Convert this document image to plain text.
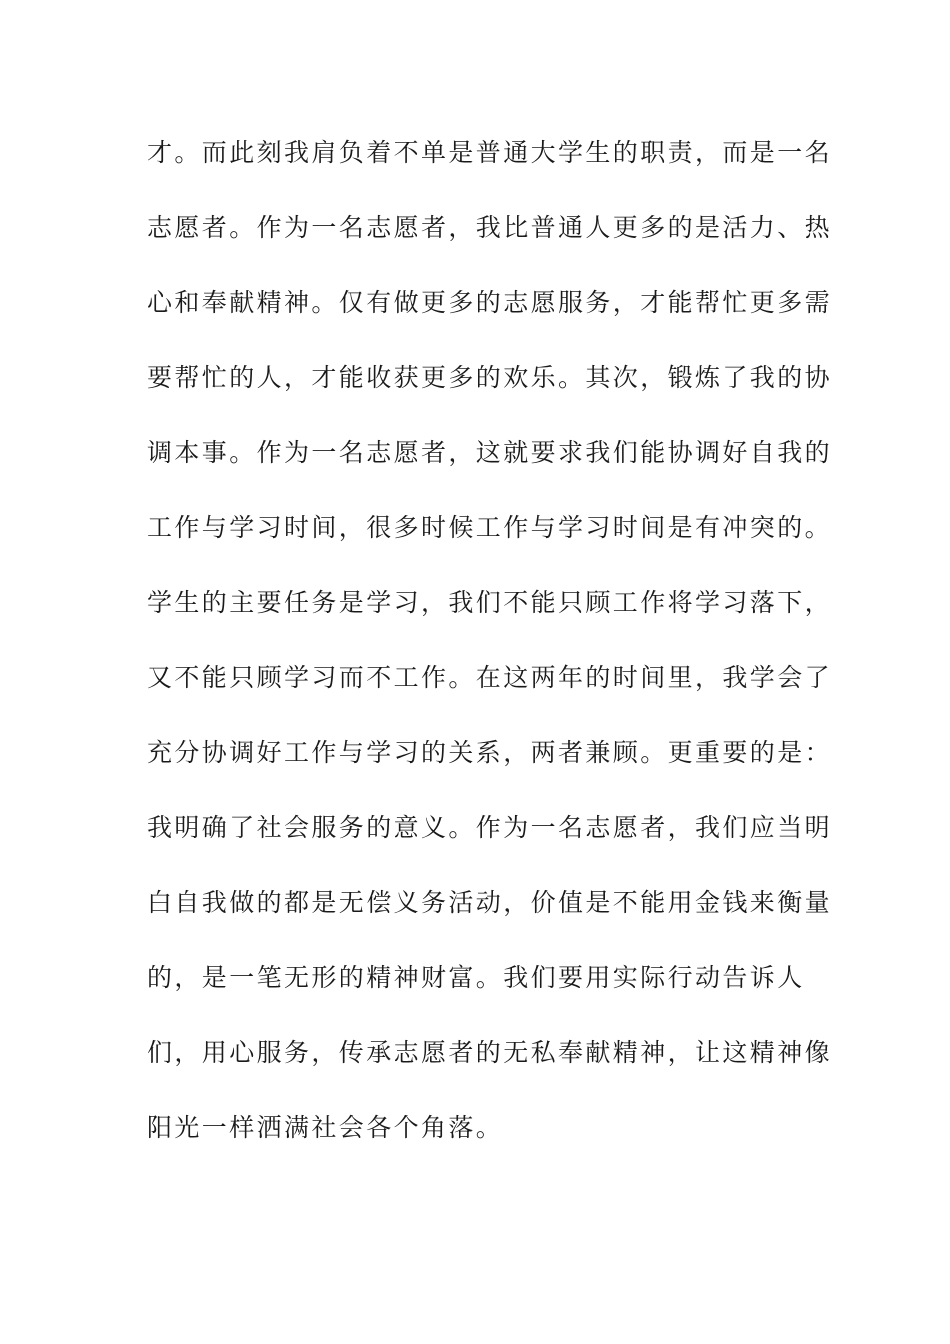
才。而此刻我肩负着不单是普通大学生的职责，而是一名
志愿者。作为一名志愿者，我比普通人更多的是活力、热
心和奉献精神。仅有做更多的志愿服务，才能帮忙更多需
要帮忙的人，才能收获更多的欢乐。其次，锻炼了我的协
调本事。作为一名志愿者，这就要求我们能协调好自我的
工作与学习时间，很多时候工作与学习时间是有冲突的。
学生的主要任务是学习，我们不能只顾工作将学习落下，
又不能只顾学习而不工作。在这两年的时间里，我学会了
充分协调好工作与学习的关系，两者兼顾。更重要的是：
我明确了社会服务的意义。作为一名志愿者，我们应当明
白自我做的都是无偿义务活动，价值是不能用金钱来衡量
的，是一笔无形的精神财富。我们要用实际行动告诉人
们，用心服务，传承志愿者的无私奉献精神，让这精神像
阳光一样洒满社会各个角落。
